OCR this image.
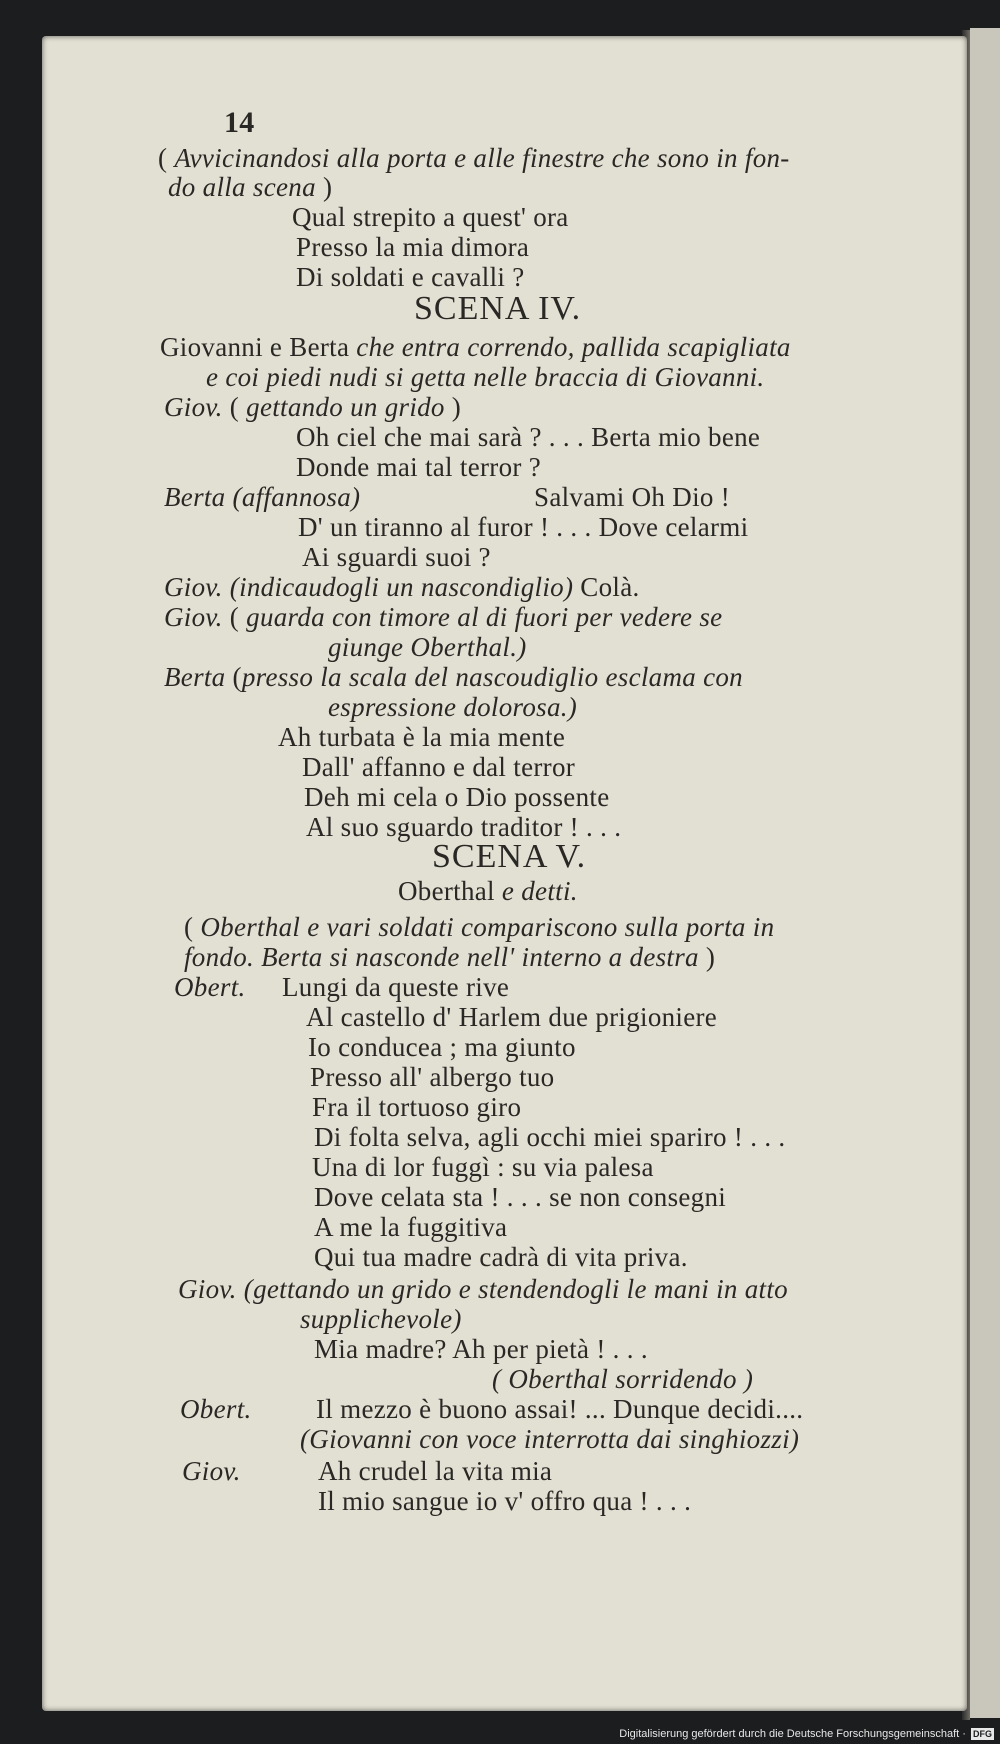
14
( Avvicinandosi alla porta e alle finestre che sono in fon-
do alla scena )
Qual strepito a quest' ora
Presso la mia dimora
Di soldati e cavalli ?
SCENA IV.
Giovanni e Berta che entra correndo, pallida scapigliata
e coi piedi nudi si getta nelle braccia di Giovanni.
Giov. ( gettando un grido )
Oh ciel che mai sarà ? . . . Berta mio bene
Donde mai tal terror ?
Berta (affannosa)	Salvami Oh Dio !
D' un tiranno al furor ! . . . Dove celarmi
Ai sguardi suoi ?
Giov. (indicaudogli un nascondiglio) Colà.
Giov. ( guarda con timore al di fuori per vedere se
giunge Oberthal.)
Berta (presso la scala del nascoudiglio esclama con
espressione dolorosa.)
Ah turbata è la mia mente
Dall' affanno e dal terror
Deh mi cela o Dio possente
Al suo sguardo traditor ! . . .
SCENA V.
Oberthal e detti.
( Oberthal e vari soldati compariscono sulla porta in
fondo. Berta si nasconde nell' interno a destra )
Obert. Lungi da queste rive
Al castello d' Harlem due prigioniere
Io conducea ; ma giunto
Presso all' albergo tuo
Fra il tortuoso giro
Di folta selva, agli occhi miei spariro ! . . .
Una di lor fuggì : su via palesa
Dove celata sta ! . . . se non consegni
A me la fuggitiva
Qui tua madre cadrà di vita priva.
Giov. (gettando un grido e stendendogli le mani in atto
supplichevole)
Mia madre? Ah per pietà ! . . .
( Oberthal sorridendo )
Obert. Il mezzo è buono assai! ... Dunque decidi....
(Giovanni con voce interrotta dai singhiozzi)
Giov.	Ah crudel la vita mia
Il mio sangue io v' offro qua ! . . .
Digitalisierung gefördert durch die Deutsche Forschungsgemeinschaft · DFG
